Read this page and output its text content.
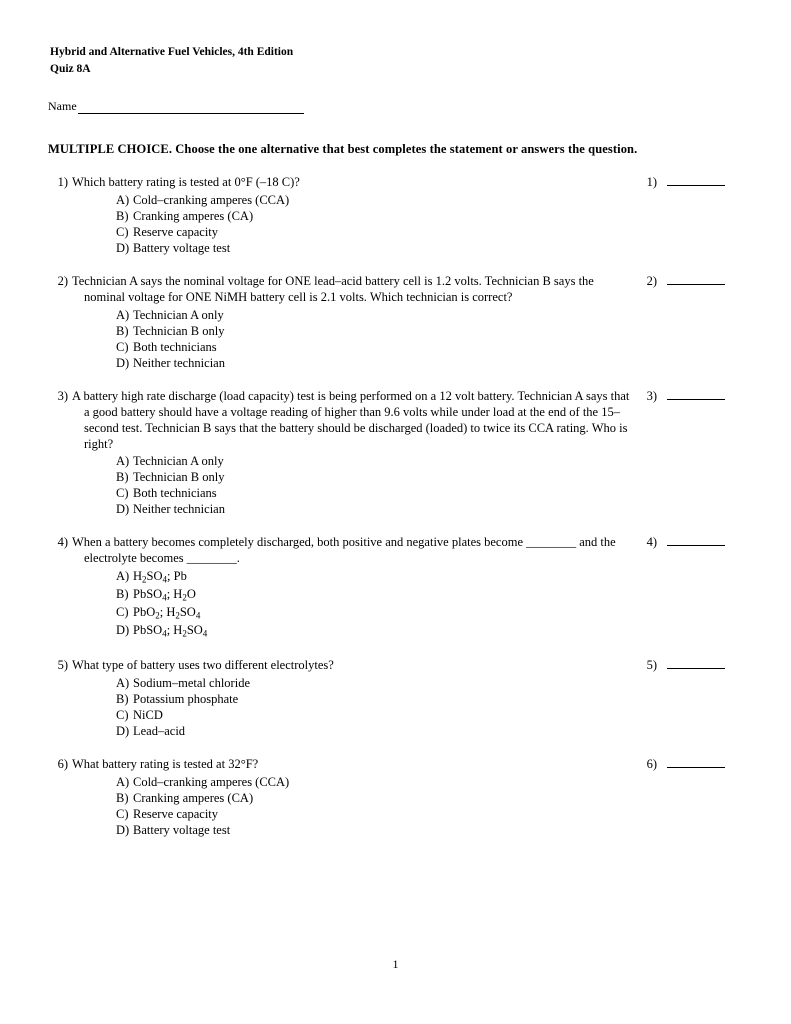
Hybrid and Alternative Fuel Vehicles, 4th Edition
Quiz 8A
Name
MULTIPLE CHOICE. Choose the one alternative that best completes the statement or answers the question.
1) Which battery rating is tested at 0°F (–18 C)?
A) Cold–cranking amperes (CCA)
B) Cranking amperes (CA)
C) Reserve capacity
D) Battery voltage test
1)
2) Technician A says the nominal voltage for ONE lead–acid battery cell is 1.2 volts. Technician B says the nominal voltage for ONE NiMH battery cell is 2.1 volts. Which technician is correct?
A) Technician A only
B) Technician B only
C) Both technicians
D) Neither technician
2)
3) A battery high rate discharge (load capacity) test is being performed on a 12 volt battery. Technician A says that a good battery should have a voltage reading of higher than 9.6 volts while under load at the end of the 15–second test. Technician B says that the battery should be discharged (loaded) to twice its CCA rating. Who is right?
A) Technician A only
B) Technician B only
C) Both technicians
D) Neither technician
3)
4) When a battery becomes completely discharged, both positive and negative plates become ________ and the electrolyte becomes ________.
A) $H_2SO_4$; Pb
B) PbSO$_4$; $H_2O$
C) PbO$_2$; $H_2SO_4$
D) PbSO$_4$; $H_2SO_4$
4)
5) What type of battery uses two different electrolytes?
A) Sodium–metal chloride
B) Potassium phosphate
C) NiCD
D) Lead–acid
5)
6) What battery rating is tested at 32°F?
A) Cold–cranking amperes (CCA)
B) Cranking amperes (CA)
C) Reserve capacity
D) Battery voltage test
6)
1
